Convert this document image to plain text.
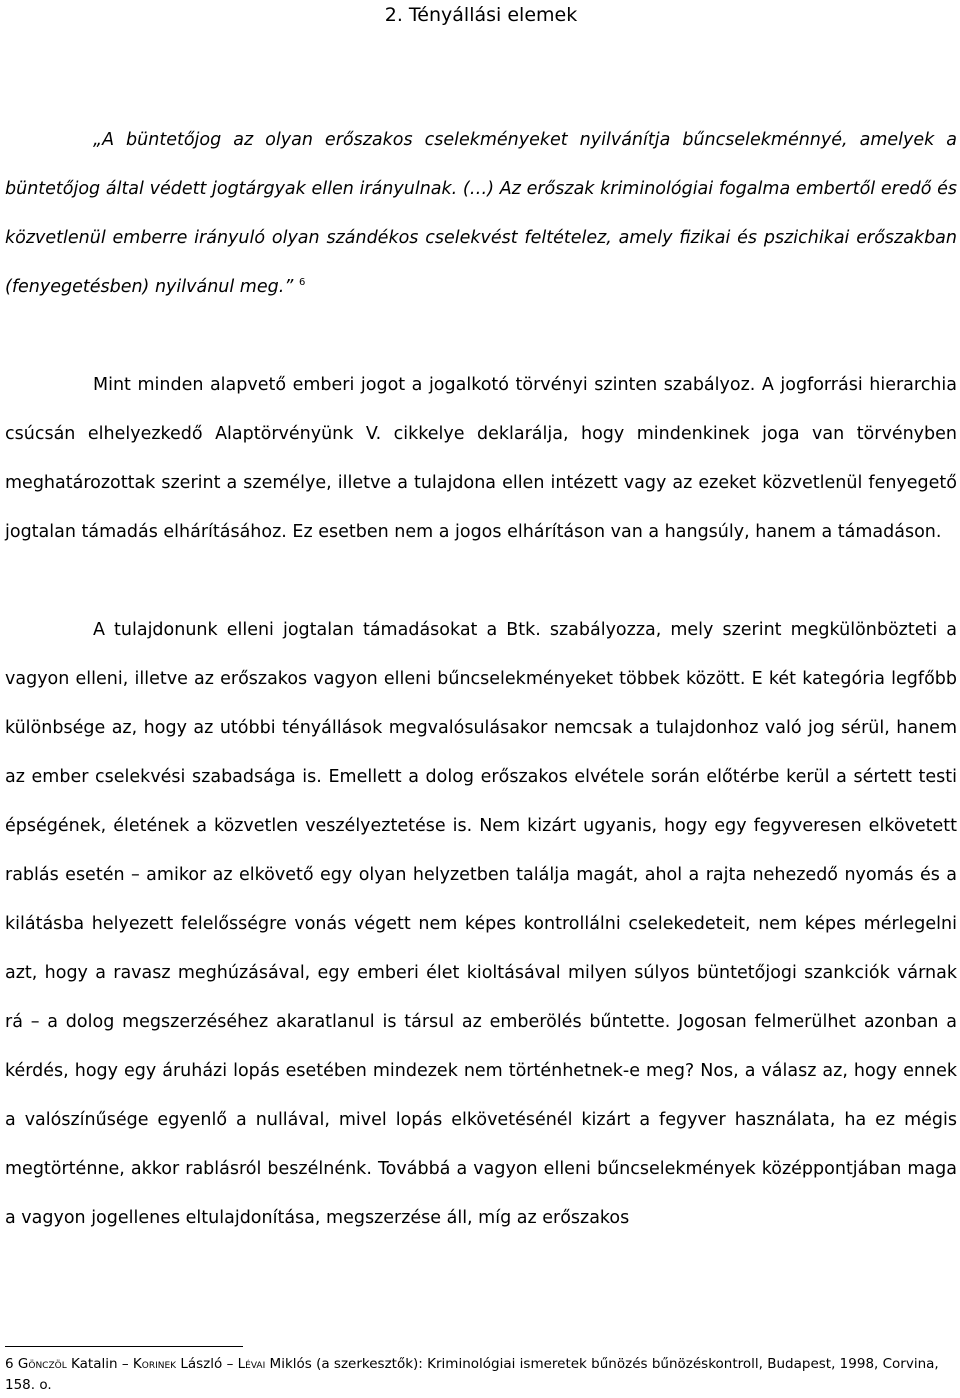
2. Tényállási elemek

„A büntetőjog az olyan erőszakos cselekményeket nyilvánítja bűncselekménnyé, amelyek a büntetőjog által védett jogtárgyak ellen irányulnak. (…) Az erőszak kriminológiai fogalma embertől eredő és közvetlenül emberre irányuló olyan szándékos cselekvést feltételez, amely fizikai és pszichikai erőszakban (fenyegetésben) nyilvánul meg.” $^6$

Mint minden alapvető emberi jogot a jogalkotó törvényi szinten szabályoz. A jogforrási hierarchia csúcsán elhelyezkedő Alaptörvényünk V. cikkelye deklarálja, hogy mindenkinek joga van törvényben meghatározottak szerint a személye, illetve a tulajdona ellen intézett vagy az ezeket közvetlenül fenyegető jogtalan támadás elhárításához. Ez esetben nem a jogos elhárításon van a hangsúly, hanem a támadáson.

A tulajdonunk elleni jogtalan támadásokat a Btk. szabályozza, mely szerint megkülönbözteti a vagyon elleni, illetve az erőszakos vagyon elleni bűncselekményeket többek között. E két kategória legfőbb különbsége az, hogy az utóbbi tényállások megvalósulásakor nemcsak a tulajdonhoz való jog sérül, hanem az ember cselekvési szabadsága is. Emellett a dolog erőszakos elvétele során előtérbe kerül a sértett testi épségének, életének a közvetlen veszélyeztetése is. Nem kizárt ugyanis, hogy egy fegyveresen elkövetett rablás esetén – amikor az elkövető egy olyan helyzetben találja magát, ahol a rajta nehezedő nyomás és a kilátásba helyezett felelősségre vonás végett nem képes kontrollálni cselekedeteit, nem képes mérlegelni azt, hogy a ravasz meghúzásával, egy emberi élet kioltásával milyen súlyos büntetőjogi szankciók várnak rá – a dolog megszerzéséhez akaratlanul is társul az emberölés bűntette. Jogosan felmerülhet azonban a kérdés, hogy egy áruházi lopás esetében mindezek nem történhetnek-e meg? Nos, a válasz az, hogy ennek a valószínűsége egyenlő a nullával, mivel lopás elkövetésénél kizárt a fegyver használata, ha ez mégis megtörténne, akkor rablásról beszélnénk. Továbbá a vagyon elleni bűncselekmények középpontjában maga a vagyon jogellenes eltulajdonítása, megszerzése áll, míg az erőszakos

6 Gönczöl Katalin – Korinek László – Lévai Miklós (a szerkesztők): Kriminológiai ismeretek bűnözés bűnözéskontroll, Budapest, 1998, Corvina, 158. o.
